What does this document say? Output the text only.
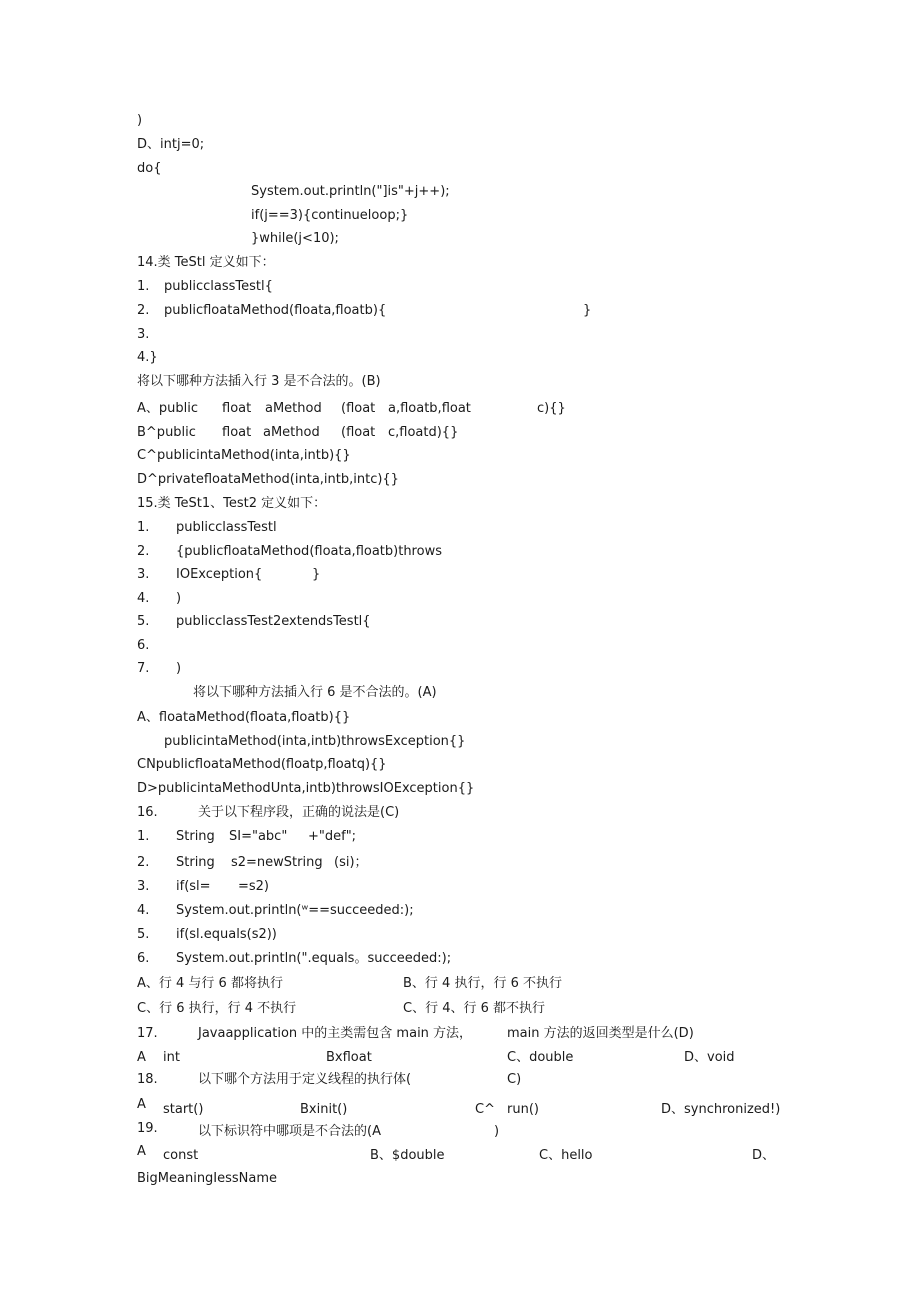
)
D、intj=0;
do{
System.out.println("]is"+j++);
if(j==3){continueloop;}
}while(j<10);
14.类 TeStl 定义如下：
1. publicclassTestl{
2. publicfloataMethod(floata,floatb){	}
3.
4.}
将以下哪种方法插入行 3 是不合法的。(B)
A、public float aMethod (float a,floatb,float	c){}
B^public float aMethod (float c,floatd){}
C^publicintaMethod(inta,intb){}
D^privatefloataMethod(inta,intb,intc){}
15.类 TeSt1、Test2 定义如下：
1. publicclassTestl
2. {publicfloataMethod(floata,floatb)throws
3. IOException{	}
4. )
5. publicclassTest2extendsTestl{
6.
7. )
将以下哪种方法插入行 6 是不合法的。(A)
A、floataMethod(floata,floatb){}
publicintaMethod(inta,intb)throwsException{}
CNpublicfloataMethod(floatp,floatq){}
D>publicintaMethodUnta,intb)throwsIOException{}
16.	关于以下程序段，正确的说法是(C)
1. String SI="abc" +"def";
2. String s2=newString (si)；
3. if(sl= =s2)
4. System.out.println(ʷ==succeeded꞉);
5. if(sl.equals(s2))
6. System.out.println(".equals。succeeded꞉);
A、行 4 与行 6 都将执行	B、行 4 执行，行 6 不执行
C、行 6 执行，行 4 不执行	C、行 4、行 6 都不执行
17.	Javaapplication 中的主类需包含 main 方法，	main 方法的返回类型是什么(D)
A int	Bxfloat	C、double	D、void
18.	以下哪个方法用于定义线程的执行体(	C)
A start()	Bxinit()	C^ run()	D、synchronized!)
19.	以下标识符中哪项是不合法的(A	)
A const	B、$double	C、hello	D、
BigMeaningIessName
